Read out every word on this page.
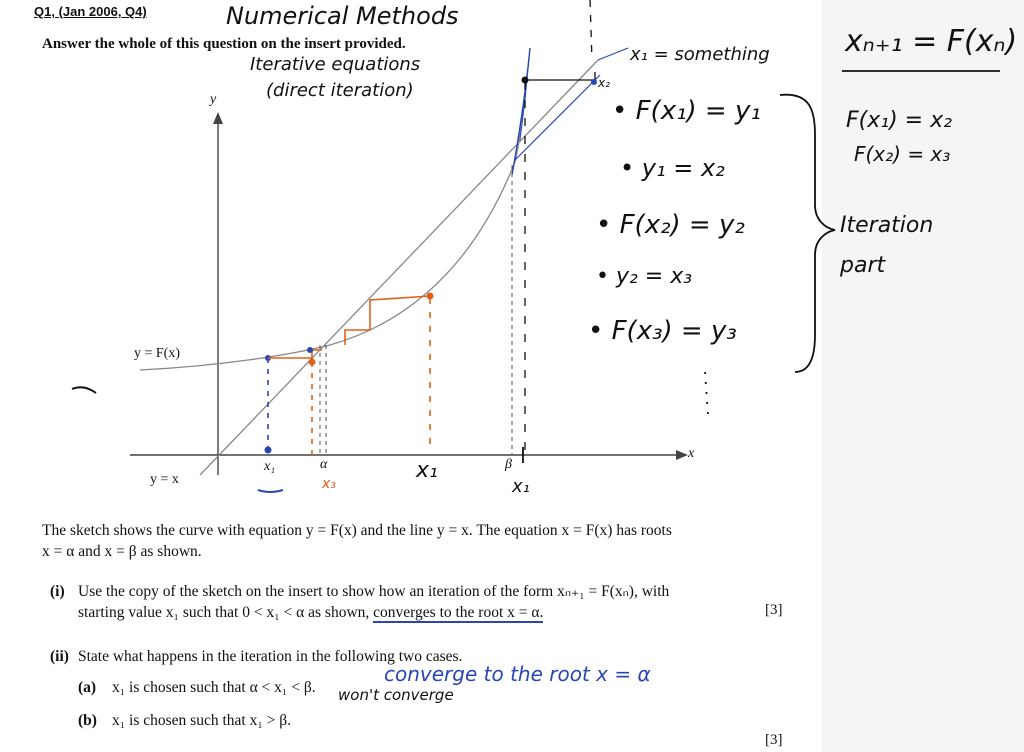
Q1, (Jan 2006, Q4)
Answer the whole of this question on the insert provided.
Numerical Methods
Iterative equations
(direct iteration)
x₁ = something
x₂
• F(x₁) = y₁
• y₁ = x₂
• F(x₂) = y₂
• y₂ = x₃
• F(x₃) = y₃
xₙ₊₁ = F(xₙ)
F(x₁) = x₂
F(x₂) = x₃
Iteration part
y
x
y = F(x)
y = x
x₁	α	β
x₁
x₁
x₃
The sketch shows the curve with equation y = F(x) and the line y = x. The equation x = F(x) has roots
x = α and x = β as shown.
(i) Use the copy of the sketch on the insert to show how an iteration of the form xₙ₊₁ = F(xₙ), with
starting value x₁ such that 0 < x₁ < α as shown, converges to the root x = α.	[3]
(ii) State what happens in the iteration in the following two cases.
(a) x₁ is chosen such that α < x₁ < β.
converge to the root x = α
(b) x₁ is chosen such that x₁ > β.
won't converge
[3]
